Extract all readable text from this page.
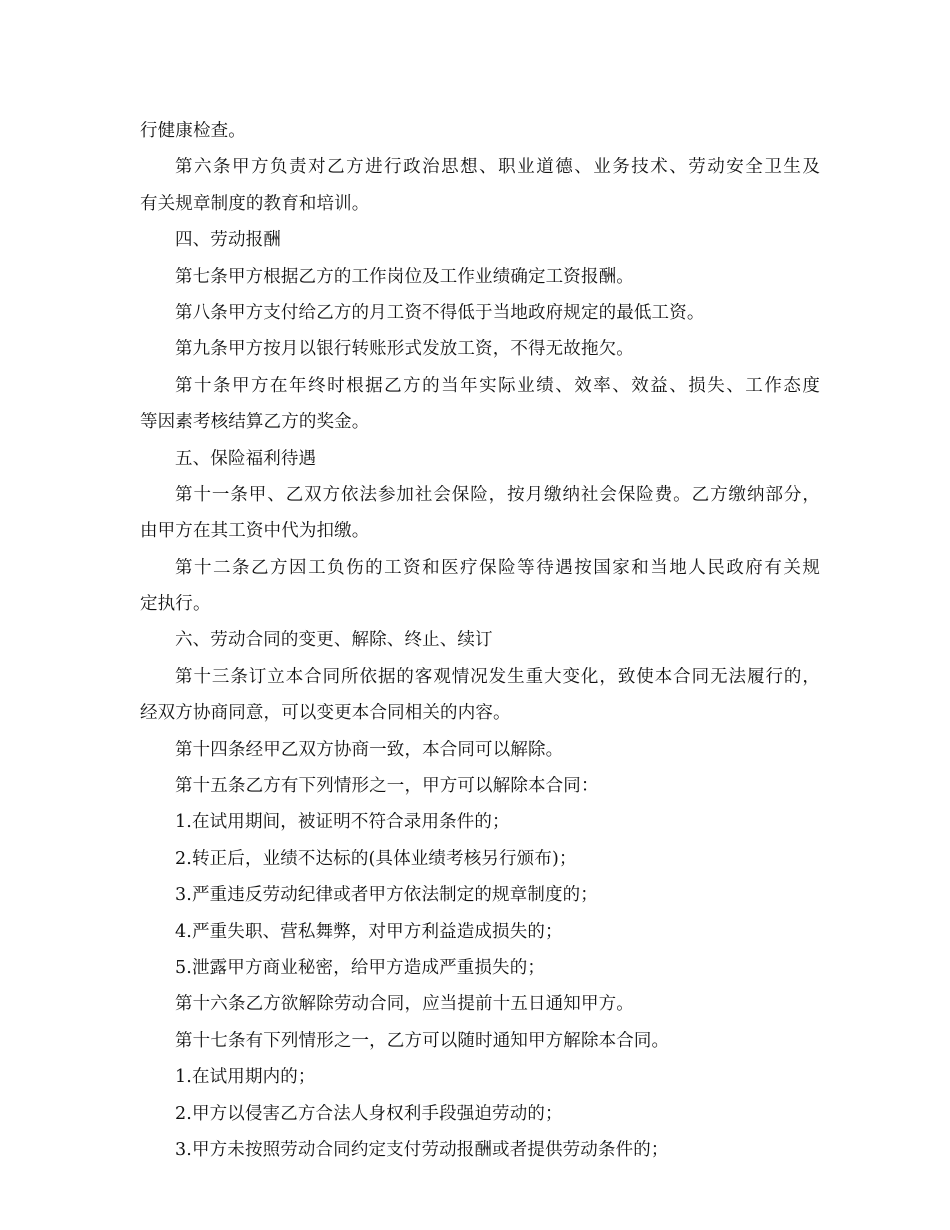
行健康检查。
第六条甲方负责对乙方进行政治思想、职业道德、业务技术、劳动安全卫生及
有关规章制度的教育和培训。
四、劳动报酬
第七条甲方根据乙方的工作岗位及工作业绩确定工资报酬。
第八条甲方支付给乙方的月工资不得低于当地政府规定的最低工资。
第九条甲方按月以银行转账形式发放工资，不得无故拖欠。
第十条甲方在年终时根据乙方的当年实际业绩、效率、效益、损失、工作态度
等因素考核结算乙方的奖金。
五、保险福利待遇
第十一条甲、乙双方依法参加社会保险，按月缴纳社会保险费。乙方缴纳部分，
由甲方在其工资中代为扣缴。
第十二条乙方因工负伤的工资和医疗保险等待遇按国家和当地人民政府有关规
定执行。
六、劳动合同的变更、解除、终止、续订
第十三条订立本合同所依据的客观情况发生重大变化，致使本合同无法履行的，
经双方协商同意，可以变更本合同相关的内容。
第十四条经甲乙双方协商一致，本合同可以解除。
第十五条乙方有下列情形之一，甲方可以解除本合同：
1.在试用期间，被证明不符合录用条件的；
2.转正后，业绩不达标的(具体业绩考核另行颁布)；
3.严重违反劳动纪律或者甲方依法制定的规章制度的；
4.严重失职、营私舞弊，对甲方利益造成损失的；
5.泄露甲方商业秘密，给甲方造成严重损失的；
第十六条乙方欲解除劳动合同，应当提前十五日通知甲方。
第十七条有下列情形之一，乙方可以随时通知甲方解除本合同。
1.在试用期内的；
2.甲方以侵害乙方合法人身权利手段强迫劳动的；
3.甲方未按照劳动合同约定支付劳动报酬或者提供劳动条件的；
